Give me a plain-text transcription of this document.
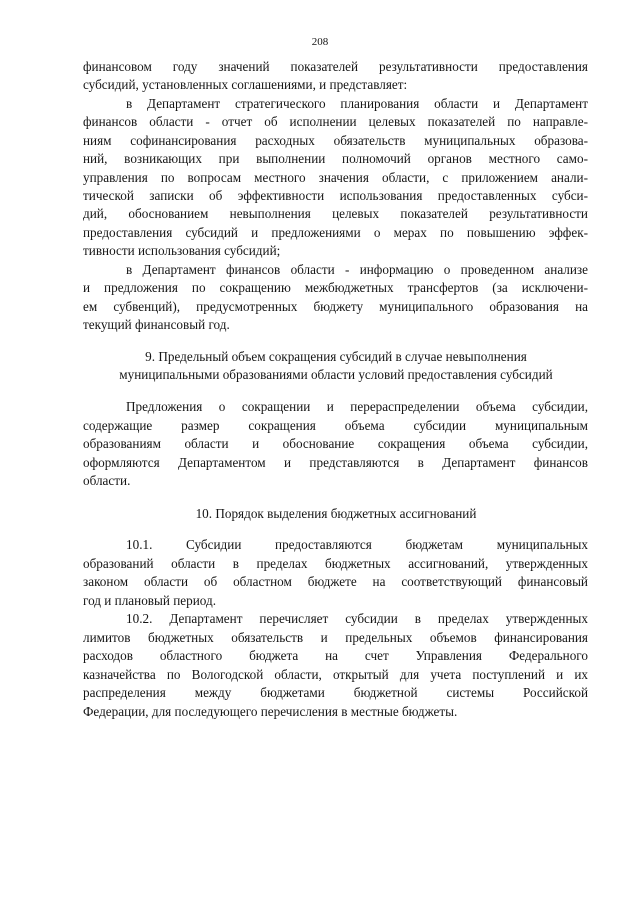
208
финансовом году значений показателей результативности предоставления
субсидий, установленных соглашениями, и представляет:
в Департамент стратегического планирования области и Департамент
финансов области - отчет об исполнении целевых показателей по направле-
ниям софинансирования расходных обязательств муниципальных образова-
ний, возникающих при выполнении полномочий органов местного само-
управления по вопросам местного значения области, с приложением анали-
тической записки об эффективности использования предоставленных субси-
дий, обоснованием невыполнения целевых показателей результативности
предоставления субсидий и предложениями о мерах по повышению эффек-
тивности использования субсидий;
в Департамент финансов области - информацию о проведенном анализе
и предложения по сокращению межбюджетных трансфертов (за исключени-
ем субвенций), предусмотренных бюджету муниципального образования на
текущий финансовый год.
9. Предельный объем сокращения субсидий в случае невыполнения
муниципальными образованиями области условий предоставления субсидий
Предложения о сокращении и перераспределении объема субсидии,
содержащие размер сокращения объема субсидии муниципальным
образованиям области и обоснование сокращения объема субсидии,
оформляются Департаментом и представляются в Департамент финансов
области.
10. Порядок выделения бюджетных ассигнований
10.1. Субсидии предоставляются бюджетам муниципальных
образований области в пределах бюджетных ассигнований, утвержденных
законом области об областном бюджете на соответствующий финансовый
год и плановый период.
10.2. Департамент перечисляет субсидии в пределах утвержденных
лимитов бюджетных обязательств и предельных объемов финансирования
расходов областного бюджета на счет Управления Федерального
казначейства по Вологодской области, открытый для учета поступлений и их
распределения между бюджетами бюджетной системы Российской
Федерации, для последующего перечисления в местные бюджеты.
